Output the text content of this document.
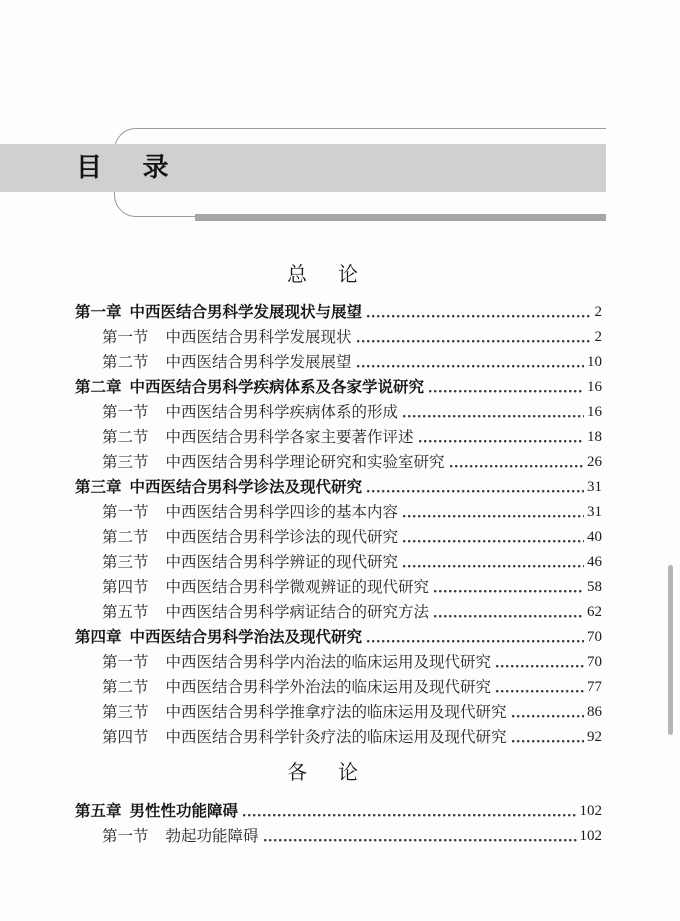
目 录
总 论
第一章 中西医结合男科学发展现状与展望	2
第一节 中西医结合男科学发展现状	2
第二节 中西医结合男科学发展展望	10
第二章 中西医结合男科学疾病体系及各家学说研究	16
第一节 中西医结合男科学疾病体系的形成	16
第二节 中西医结合男科学各家主要著作评述	18
第三节 中西医结合男科学理论研究和实验室研究	26
第三章 中西医结合男科学诊法及现代研究	31
第一节 中西医结合男科学四诊的基本内容	31
第二节 中西医结合男科学诊法的现代研究	40
第三节 中西医结合男科学辨证的现代研究	46
第四节 中西医结合男科学微观辨证的现代研究	58
第五节 中西医结合男科学病证结合的研究方法	62
第四章 中西医结合男科学治法及现代研究	70
第一节 中西医结合男科学内治法的临床运用及现代研究	70
第二节 中西医结合男科学外治法的临床运用及现代研究	77
第三节 中西医结合男科学推拿疗法的临床运用及现代研究	86
第四节 中西医结合男科学针灸疗法的临床运用及现代研究	92
各 论
第五章 男性性功能障碍	102
第一节 勃起功能障碍	102
